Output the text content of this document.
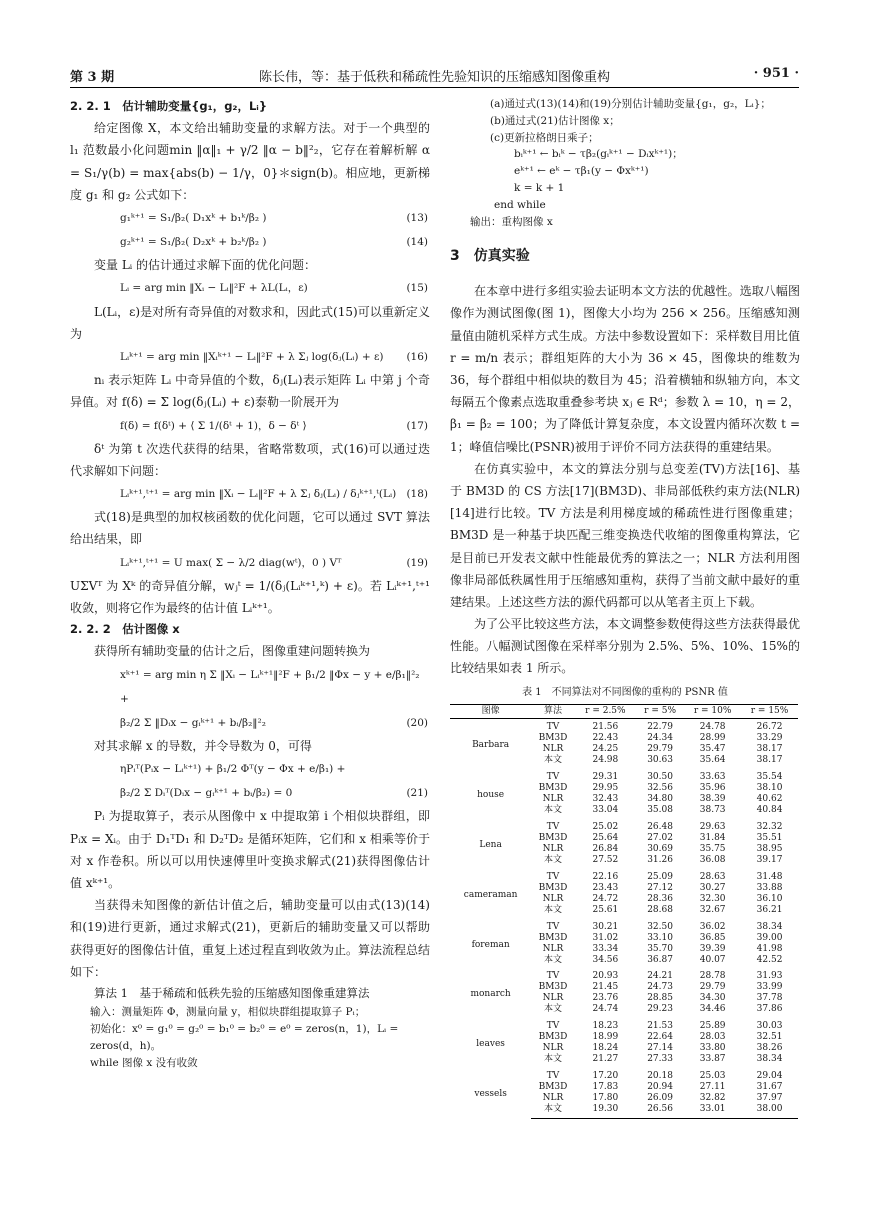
第 3 期	陈长伟，等：基于低秩和稀疏性先验知识的压缩感知图像重构	· 951 ·
2. 2. 1　估计辅助变量{g₁，g₂，Lᵢ}

给定图像 X，本文给出辅助变量的求解方法。对于一个典型的 l₁ 范数最小化问题min ‖α‖₁ + γ/2 ‖α − b‖²₂，它存在着解析解 α = S₁/γ(b) = max{abs(b) − 1/γ，0}＊sign(b)。相应地，更新梯度 g₁ 和 g₂ 公式如下：

g₁ᵏ⁺¹ = S₁/β₂( D₁xᵏ + b₁ᵏ/β₂ )	(13)
g₂ᵏ⁺¹ = S₁/β₂( D₂xᵏ + b₂ᵏ/β₂ )	(14)

变量 Lᵢ 的估计通过求解下面的优化问题：

Lᵢ = arg min ‖Xᵢ − Lᵢ‖²F + λL(Lᵢ，ε)	(15)

L(Lᵢ，ε)是对所有奇异值的对数求和，因此式(15)可以重新定义为

Lᵢᵏ⁺¹ = arg min ‖Xᵢᵏ⁺¹ − Lᵢ‖²F + λ Σⱼ log(δⱼ(Lᵢ) + ε) (16)

nᵢ 表示矩阵 Lᵢ 中奇异值的个数，δⱼ(Lᵢ)表示矩阵 Lᵢ 中第 j 个奇异值。对 f(δ) = Σ log(δⱼ(Lᵢ) + ε)泰勒一阶展开为

f(δ) = f(δᵗ) + ⟨ Σ 1/(δᵗ + 1)，δ − δᵗ ⟩	(17)

δᵗ 为第 t 次迭代获得的结果，省略常数项，式(16)可以通过迭代求解如下问题：

Lᵢᵏ⁺¹,ᵗ⁺¹ = arg min ‖Xᵢ − Lᵢ‖²F + λ Σⱼ δⱼ(Lᵢ) / δⱼᵏ⁺¹,ᵗ(Lᵢ) (18)

式(18)是典型的加权核函数的优化问题，它可以通过 SVT 算法给出结果，即

Lᵢᵏ⁺¹,ᵗ⁺¹ = U max( Σ − λ/2 diag(wᵗ)，0 ) Vᵀ	(19)

UΣVᵀ 为 Xᵏ 的奇异值分解，wⱼᵗ = 1/(δⱼ(Lᵢᵏ⁺¹,ᵏ) + ε)。若 Lᵢᵏ⁺¹,ᵗ⁺¹ 收敛，则将它作为最终的估计值 Lᵢᵏ⁺¹。

2. 2. 2　估计图像 x

获得所有辅助变量的估计之后，图像重建问题转换为

xᵏ⁺¹ = arg min η Σ ‖Xᵢ − Lᵢᵏ⁺¹‖²F + β₁/2 ‖Φx − y + e/β₁‖²₂ +
β₂/2 Σ ‖Dᵢx − gᵢᵏ⁺¹ + bᵢ/β₂‖²₂	(20)

对其求解 x 的导数，并令导数为 0，可得

ηPᵢᵀ(Pᵢx − Lᵢᵏ⁺¹) + β₁/2 Φᵀ(y − Φx + e/β₁) +
β₂/2 Σ Dᵢᵀ(Dᵢx − gᵢᵏ⁺¹ + bᵢ/β₂) = 0	(21)

Pᵢ 为提取算子，表示从图像中 x 中提取第 i 个相似块群组，即 Pᵢx = Xᵢ。由于 D₁ᵀD₁ 和 D₂ᵀD₂ 是循环矩阵，它们和 x 相乘等价于对 x 作卷积。所以可以用快速傅里叶变换求解式(21)获得图像估计值 xᵏ⁺¹。

当获得未知图像的新估计值之后，辅助变量可以由式(13)(14)和(19)进行更新，通过求解式(21)，更新后的辅助变量又可以帮助获得更好的图像估计值，重复上述过程直到收敛为止。算法流程总结如下：

算法 1　基于稀疏和低秩先验的压缩感知图像重建算法
输入：测量矩阵 Φ，测量向量 y，相似块群组提取算子 Pᵢ；
初始化：x⁰ = g₁⁰ = g₂⁰ = b₁⁰ = b₂⁰ = e⁰ = zeros(n，1)，Lᵢ = zeros(d，h)。
while 图像 x 没有收敛
(a)通过式(13)(14)和(19)分别估计辅助变量{g₁，g₂，Lᵢ}；
(b)通过式(21)估计图像 x；
(c)更新拉格朗日乘子；
bᵢᵏ⁺¹ ← bᵢᵏ − τβ₂(gᵢᵏ⁺¹ − Dᵢxᵏ⁺¹)；
eᵏ⁺¹ ← eᵏ − τβ₁(y − Φxᵏ⁺¹)
k = k + 1
end while
输出：重构图像 x
3　仿真实验

在本章中进行多组实验去证明本文方法的优越性。选取八幅图像作为测试图像(图 1)，图像大小均为 256 × 256。压缩感知测量值由随机采样方式生成。方法中参数设置如下：采样数目用比值 r = m/n 表示；群组矩阵的大小为 36 × 45，图像块的维数为 36，每个群组中相似块的数目为 45；沿着横轴和纵轴方向，本文每隔五个像素点选取重叠参考块 xⱼ ∈ Rᵈ；参数 λ = 10，η = 2，β₁ = β₂ = 100；为了降低计算复杂度，本文设置内循环次数 t = 1；峰值信噪比(PSNR)被用于评价不同方法获得的重建结果。

在仿真实验中，本文的算法分别与总变差(TV)方法[16]、基于 BM3D 的 CS 方法[17](BM3D)、非局部低秩约束方法(NLR)[14]进行比较。TV 方法是利用梯度域的稀疏性进行图像重建；BM3D 是一种基于块匹配三维变换迭代收缩的图像重构算法，它是目前已开发表文献中性能最优秀的算法之一；NLR 方法利用图像非局部低秩属性用于压缩感知重构，获得了当前文献中最好的重建结果。上述这些方法的源代码都可以从笔者主页上下载。

为了公平比较这些方法，本文调整参数使得这些方法获得最优性能。八幅测试图像在采样率分别为 2.5%、5%、10%、15%的比较结果如表 1 所示。

表 1　不同算法对不同图像的重构的 PSNR 值
图像	算法	r = 2.5%	r = 5%	r = 10%	r = 15%
Barbara	TV	21.56	22.79	24.78	26.72
	BM3D	22.43	24.34	28.99	33.29
	NLR	24.25	29.79	35.47	38.17
	本文	24.98	30.63	35.64	38.17
house	TV	29.31	30.50	33.63	35.54
	BM3D	29.95	32.56	35.96	38.10
	NLR	32.43	34.80	38.39	40.62
	本文	33.04	35.08	38.73	40.84
Lena	TV	25.02	26.48	29.63	32.32
	BM3D	25.64	27.02	31.84	35.51
	NLR	26.84	30.69	35.75	38.95
	本文	27.52	31.26	36.08	39.17
cameraman	TV	22.16	25.09	28.63	31.48
	BM3D	23.43	27.12	30.27	33.88
	NLR	24.72	28.36	32.30	36.10
	本文	25.61	28.68	32.67	36.21
foreman	TV	30.21	32.50	36.02	38.34
	BM3D	31.02	33.10	36.85	39.00
	NLR	33.34	35.70	39.39	41.98
	本文	34.56	36.87	40.07	42.52
monarch	TV	20.93	24.21	28.78	31.93
	BM3D	21.45	24.73	29.79	33.99
	NLR	23.76	28.85	34.30	37.78
	本文	24.74	29.23	34.46	37.86
leaves	TV	18.23	21.53	25.89	30.03
	BM3D	18.99	22.64	28.03	32.51
	NLR	18.24	27.14	33.80	38.26
	本文	21.27	27.33	33.87	38.34
vessels	TV	17.20	20.18	25.03	29.04
	BM3D	17.83	20.94	27.11	31.67
	NLR	17.80	26.09	32.82	37.97
	本文	19.30	26.56	33.01	38.00
